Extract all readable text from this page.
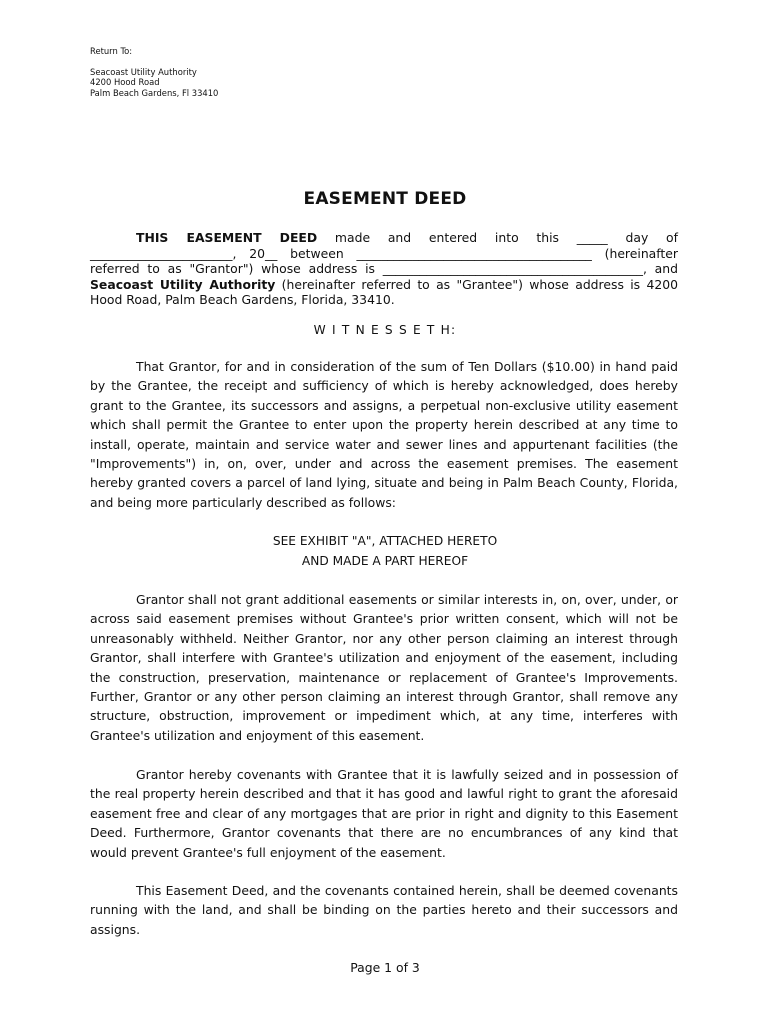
Return To:
Seacoast Utility Authority
4200 Hood Road
Palm Beach Gardens, Fl 33410
EASEMENT DEED

THIS EASEMENT DEED made and entered into this _____ day of _______________________, 20__ between ______________________________________ (hereinafter referred to as "Grantor") whose address is __________________________________________, and Seacoast Utility Authority (hereinafter referred to as "Grantee") whose address is 4200 Hood Road, Palm Beach Gardens, Florida, 33410.

W I T N E S S E T H:

That Grantor, for and in consideration of the sum of Ten Dollars ($10.00) in hand paid by the Grantee, the receipt and sufficiency of which is hereby acknowledged, does hereby grant to the Grantee, its successors and assigns, a perpetual non-exclusive utility easement which shall permit the Grantee to enter upon the property herein described at any time to install, operate, maintain and service water and sewer lines and appurtenant facilities (the "Improvements") in, on, over, under and across the easement premises. The easement hereby granted covers a parcel of land lying, situate and being in Palm Beach County, Florida, and being more particularly described as follows:

SEE EXHIBIT "A", ATTACHED HERETO
AND MADE A PART HEREOF

Grantor shall not grant additional easements or similar interests in, on, over, under, or across said easement premises without Grantee's prior written consent, which will not be unreasonably withheld. Neither Grantor, nor any other person claiming an interest through Grantor, shall interfere with Grantee's utilization and enjoyment of the easement, including the construction, preservation, maintenance or replacement of Grantee's Improvements. Further, Grantor or any other person claiming an interest through Grantor, shall remove any structure, obstruction, improvement or impediment which, at any time, interferes with Grantee's utilization and enjoyment of this easement.

Grantor hereby covenants with Grantee that it is lawfully seized and in possession of the real property herein described and that it has good and lawful right to grant the aforesaid easement free and clear of any mortgages that are prior in right and dignity to this Easement Deed. Furthermore, Grantor covenants that there are no encumbrances of any kind that would prevent Grantee's full enjoyment of the easement.

This Easement Deed, and the covenants contained herein, shall be deemed covenants running with the land, and shall be binding on the parties hereto and their successors and assigns.

Page 1 of 3
